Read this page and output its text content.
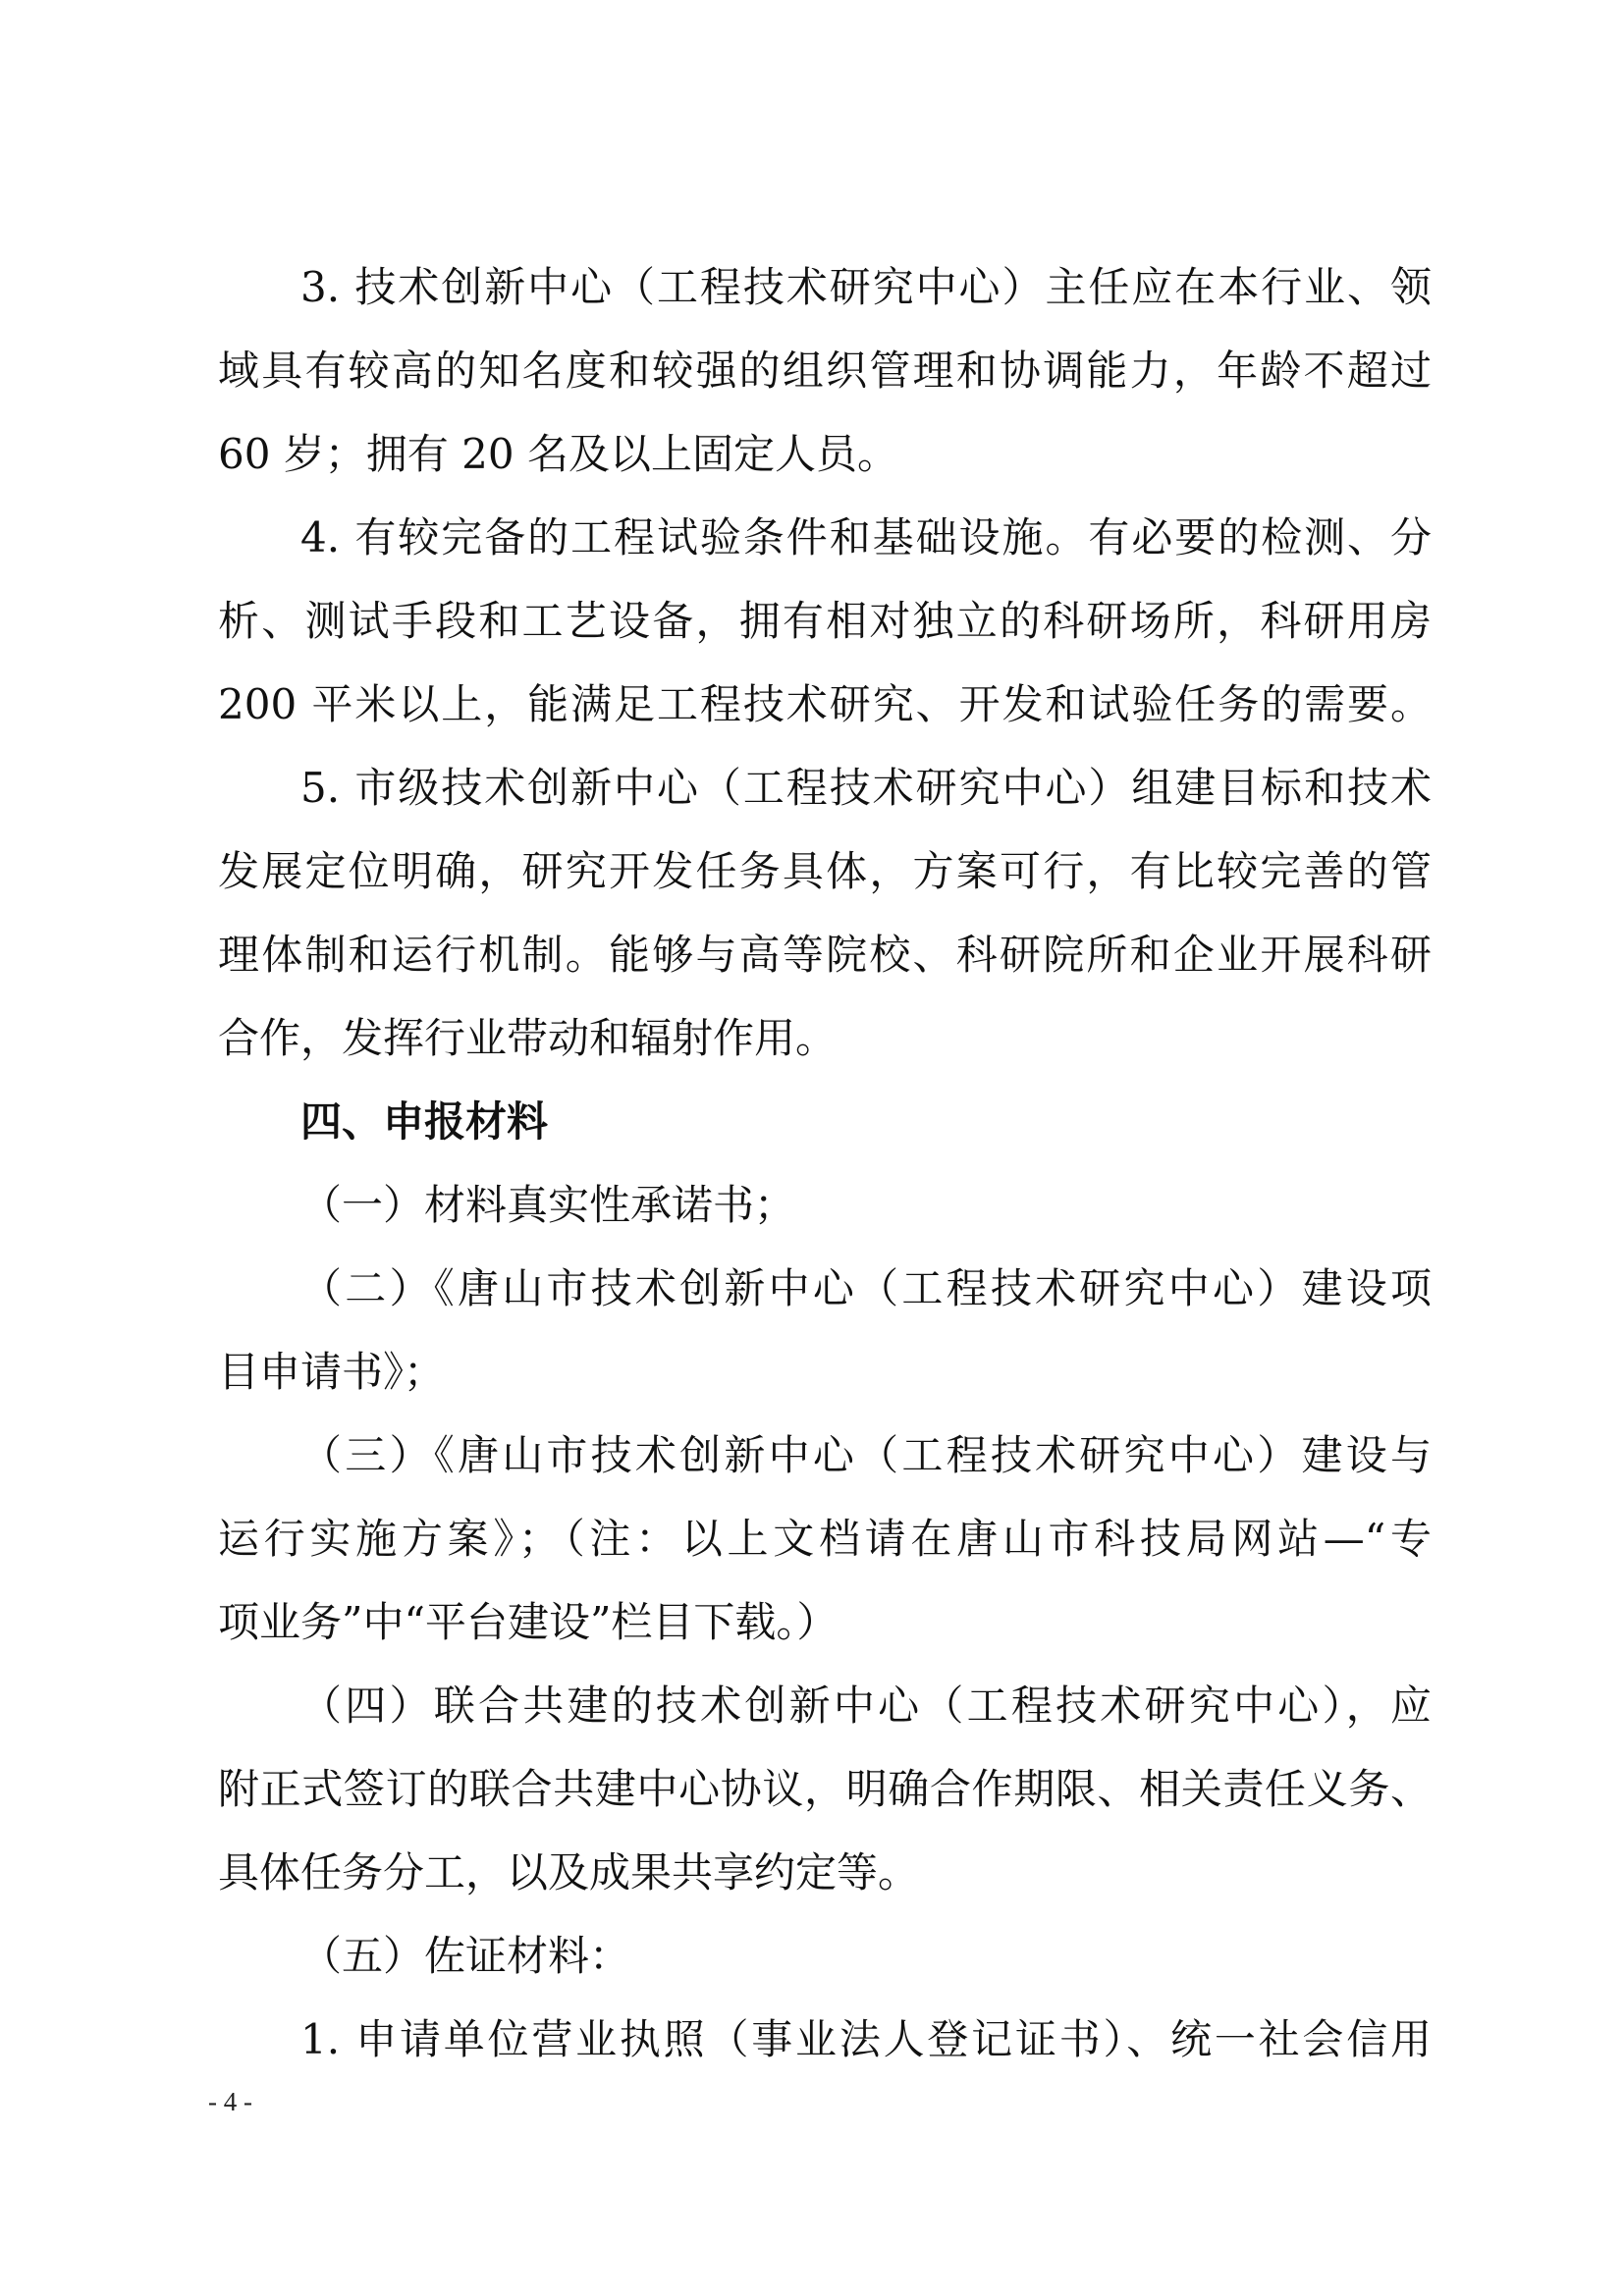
3. 技术创新中心（工程技术研究中心）主任应在本行业、领
域具有较高的知名度和较强的组织管理和协调能力，年龄不超过
60 岁；拥有 20 名及以上固定人员。
4. 有较完备的工程试验条件和基础设施。有必要的检测、分
析、测试手段和工艺设备，拥有相对独立的科研场所，科研用房
200 平米以上，能满足工程技术研究、开发和试验任务的需要。
5. 市级技术创新中心（工程技术研究中心）组建目标和技术
发展定位明确，研究开发任务具体，方案可行，有比较完善的管
理体制和运行机制。能够与高等院校、科研院所和企业开展科研
合作，发挥行业带动和辐射作用。
四、申报材料
（一）材料真实性承诺书；
（二）《唐山市技术创新中心（工程技术研究中心）建设项
目申请书》；
（三）《唐山市技术创新中心（工程技术研究中心）建设与
运行实施方案》；（注：以上文档请在唐山市科技局网站—“专
项业务”中“平台建设”栏目下载。）
（四）联合共建的技术创新中心（工程技术研究中心），应
附正式签订的联合共建中心协议，明确合作期限、相关责任义务、
具体任务分工，以及成果共享约定等。
（五）佐证材料：
1. 申请单位营业执照（事业法人登记证书）、统一社会信用
- 4 -
